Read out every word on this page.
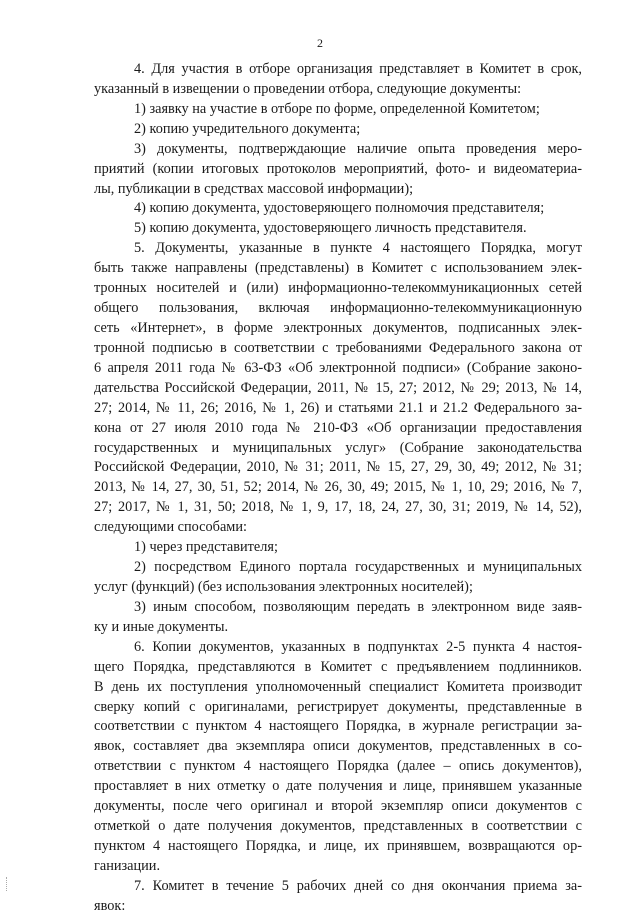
2
4. Для участия в отборе организация представляет в Комитет в срок,
указанный в извещении о проведении отбора, следующие документы:
1) заявку на участие в отборе по форме, определенной Комитетом;
2) копию учредительного документа;
3) документы, подтверждающие наличие опыта проведения меро-
приятий (копии итоговых протоколов мероприятий, фото- и видеоматериа-
лы, публикации в средствах массовой информации);
4) копию документа, удостоверяющего полномочия представителя;
5) копию документа, удостоверяющего личность представителя.
5. Документы, указанные в пункте 4 настоящего Порядка, могут
быть также направлены (представлены) в Комитет с использованием элек-
тронных носителей и (или) информационно-телекоммуникационных сетей
общего пользования, включая информационно-телекоммуникационную
сеть «Интернет», в форме электронных документов, подписанных элек-
тронной подписью в соответствии с требованиями Федерального закона от
6 апреля 2011 года № 63-ФЗ «Об электронной подписи» (Собрание законо-
дательства Российской Федерации, 2011, № 15, 27; 2012, № 29; 2013, № 14,
27; 2014, № 11, 26; 2016, № 1, 26) и статьями 21.1 и 21.2 Федерального за-
кона от 27 июля 2010 года № 210-ФЗ «Об организации предоставления
государственных и муниципальных услуг» (Собрание законодательства
Российской Федерации, 2010, № 31; 2011, № 15, 27, 29, 30, 49; 2012, № 31;
2013, № 14, 27, 30, 51, 52; 2014, № 26, 30, 49; 2015, № 1, 10, 29; 2016, № 7,
27; 2017, № 1, 31, 50; 2018, № 1, 9, 17, 18, 24, 27, 30, 31; 2019, № 14, 52),
следующими способами:
1) через представителя;
2) посредством Единого портала государственных и муниципальных
услуг (функций) (без использования электронных носителей);
3) иным способом, позволяющим передать в электронном виде заяв-
ку и иные документы.
6. Копии документов, указанных в подпунктах 2-5 пункта 4 настоя-
щего Порядка, представляются в Комитет с предъявлением подлинников.
В день их поступления уполномоченный специалист Комитета производит
сверку копий с оригиналами, регистрирует документы, представленные в
соответствии с пунктом 4 настоящего Порядка, в журнале регистрации за-
явок, составляет два экземпляра описи документов, представленных в со-
ответствии с пунктом 4 настоящего Порядка (далее – опись документов),
проставляет в них отметку о дате получения и лице, принявшем указанные
документы, после чего оригинал и второй экземпляр описи документов с
отметкой о дате получения документов, представленных в соответствии с
пунктом 4 настоящего Порядка, и лице, их принявшем, возвращаются ор-
ганизации.
7. Комитет в течение 5 рабочих дней со дня окончания приема за-
явок:
